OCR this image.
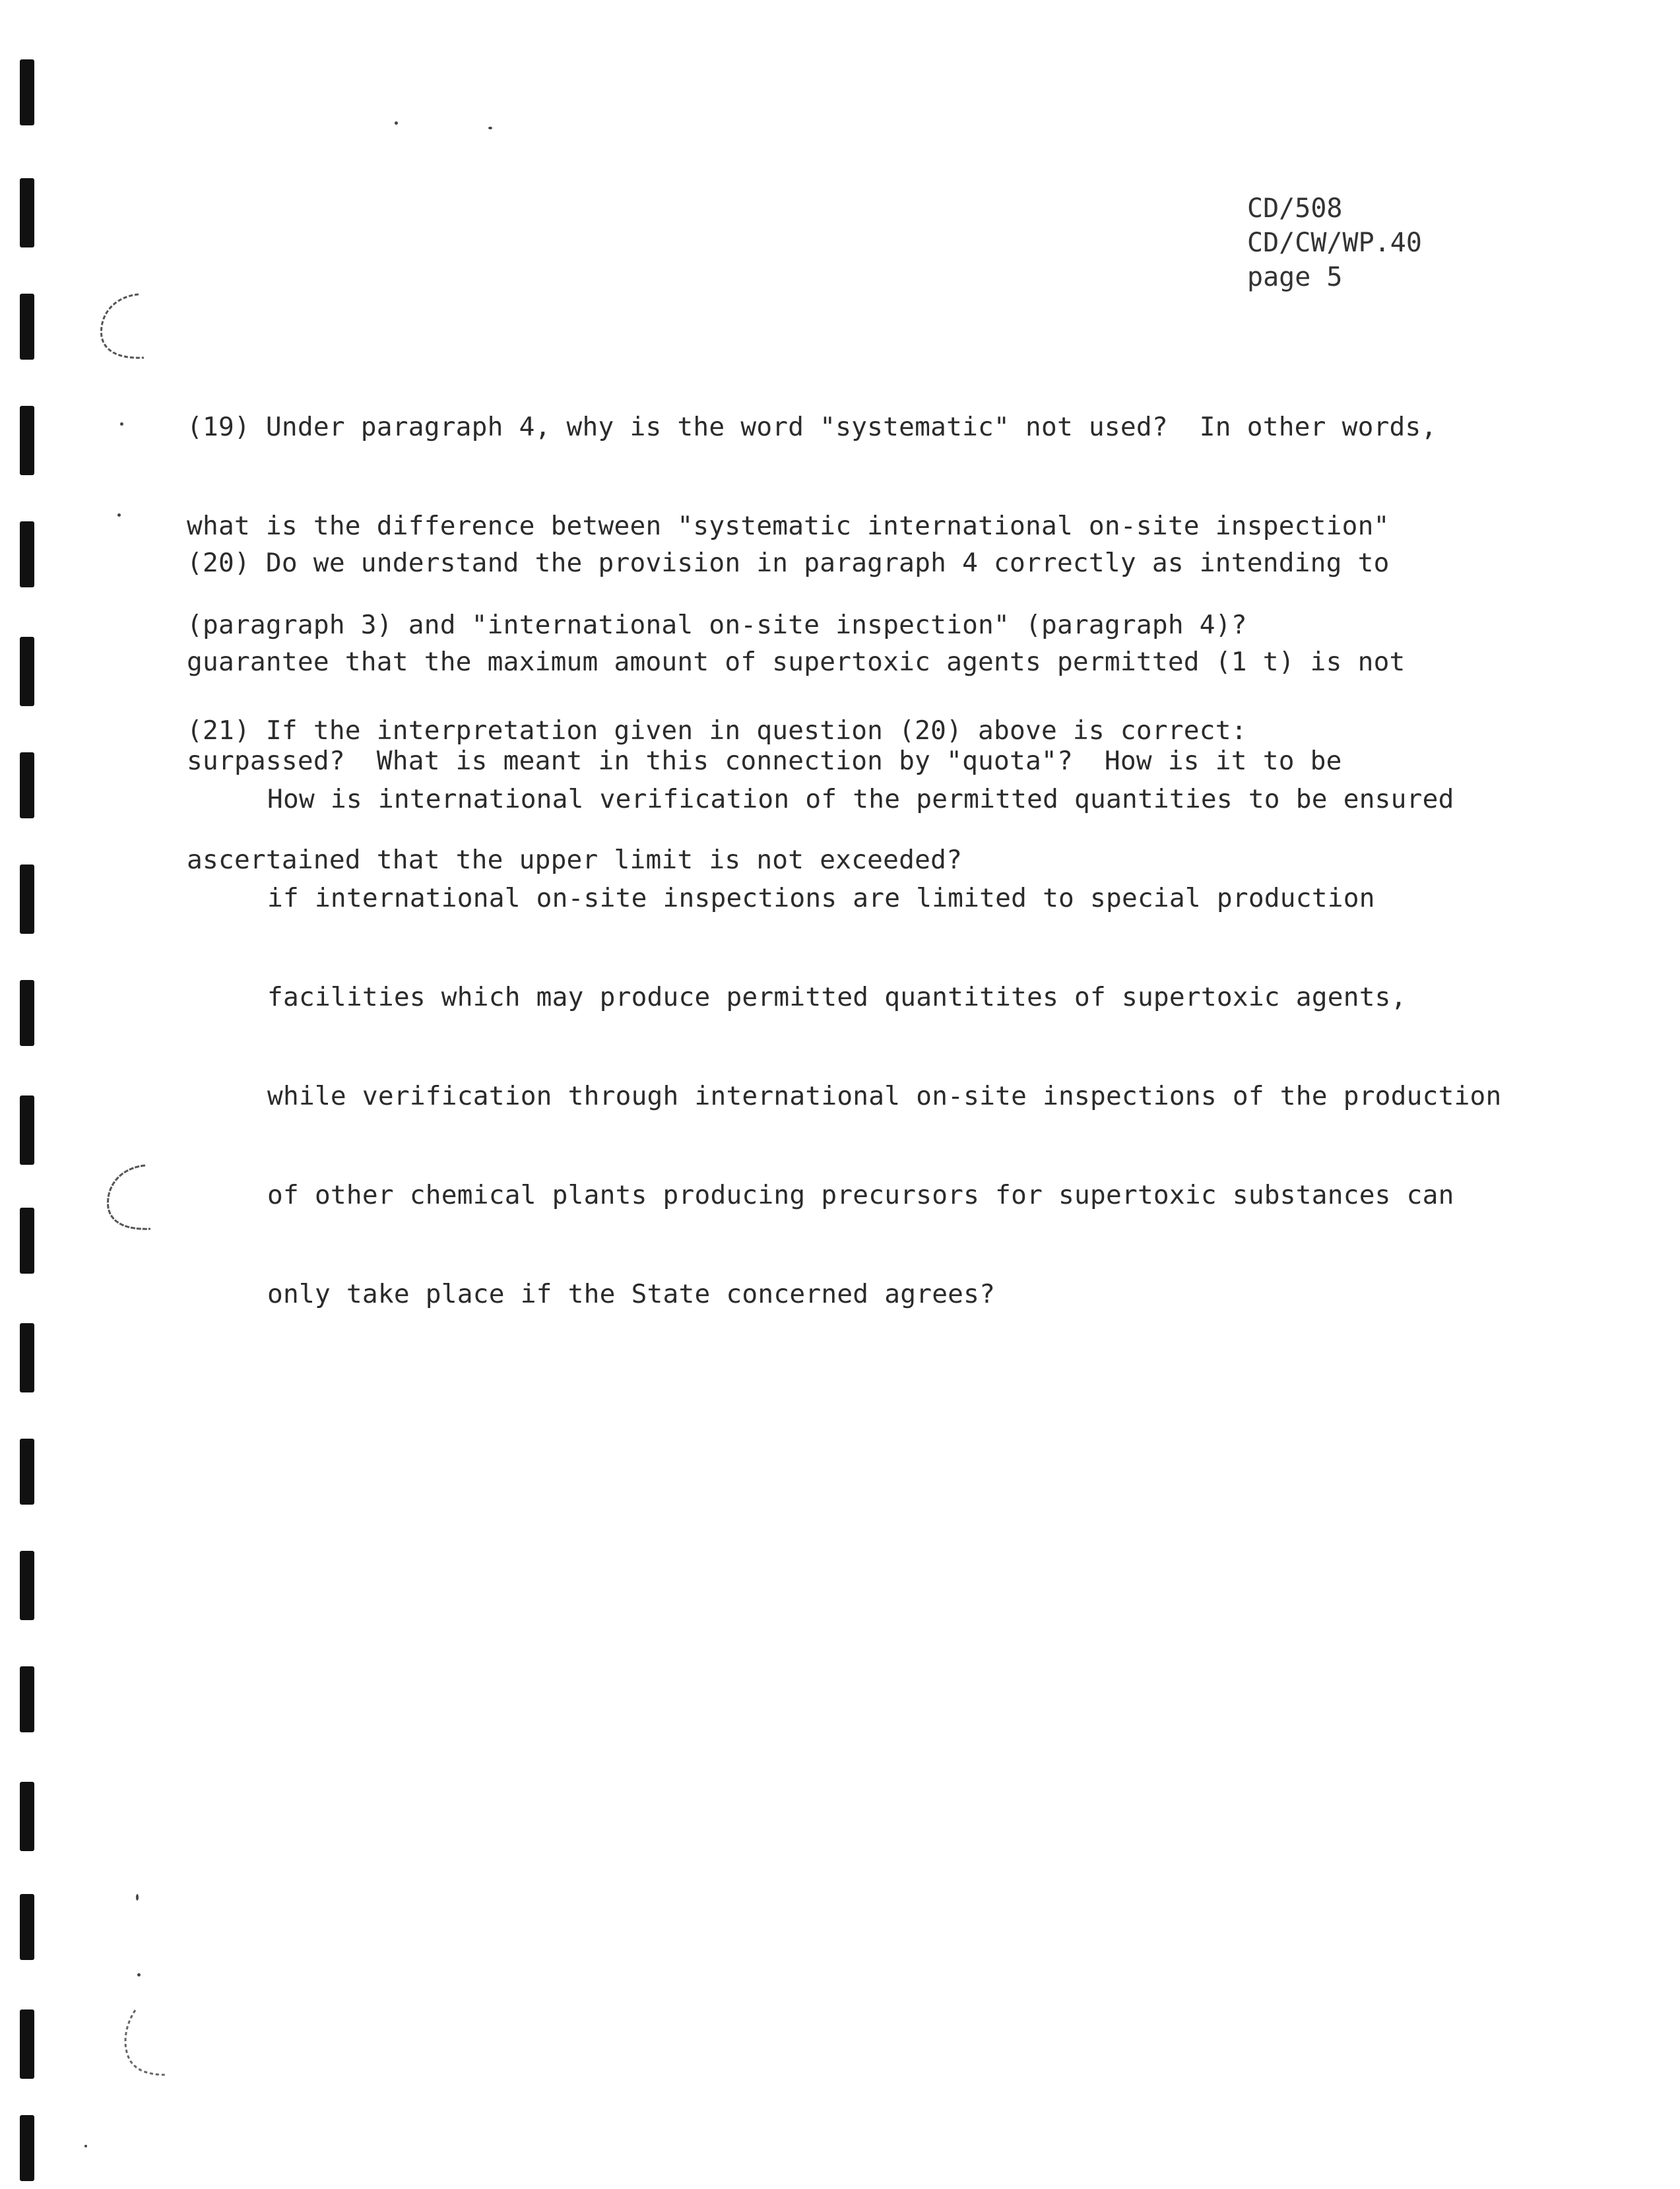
CD/508
CD/CW/WP.40
page 5

(19) Under paragraph 4, why is the word "systematic" not used?  In other words,

what is the difference between "systematic international on-site inspection"

(paragraph 3) and "international on-site inspection" (paragraph 4)?

(20) Do we understand the provision in paragraph 4 correctly as intending to

guarantee that the maximum amount of supertoxic agents permitted (1 t) is not

surpassed?  What is meant in this connection by "quota"?  How is it to be

ascertained that the upper limit is not exceeded?

(21) If the interpretation given in question (20) above is correct:

How is international verification of the permitted quantities to be ensured

if international on-site inspections are limited to special production

facilities which may produce permitted quantitites of supertoxic agents,

while verification through international on-site inspections of the production

of other chemical plants producing precursors for supertoxic substances can

only take place if the State concerned agrees?
